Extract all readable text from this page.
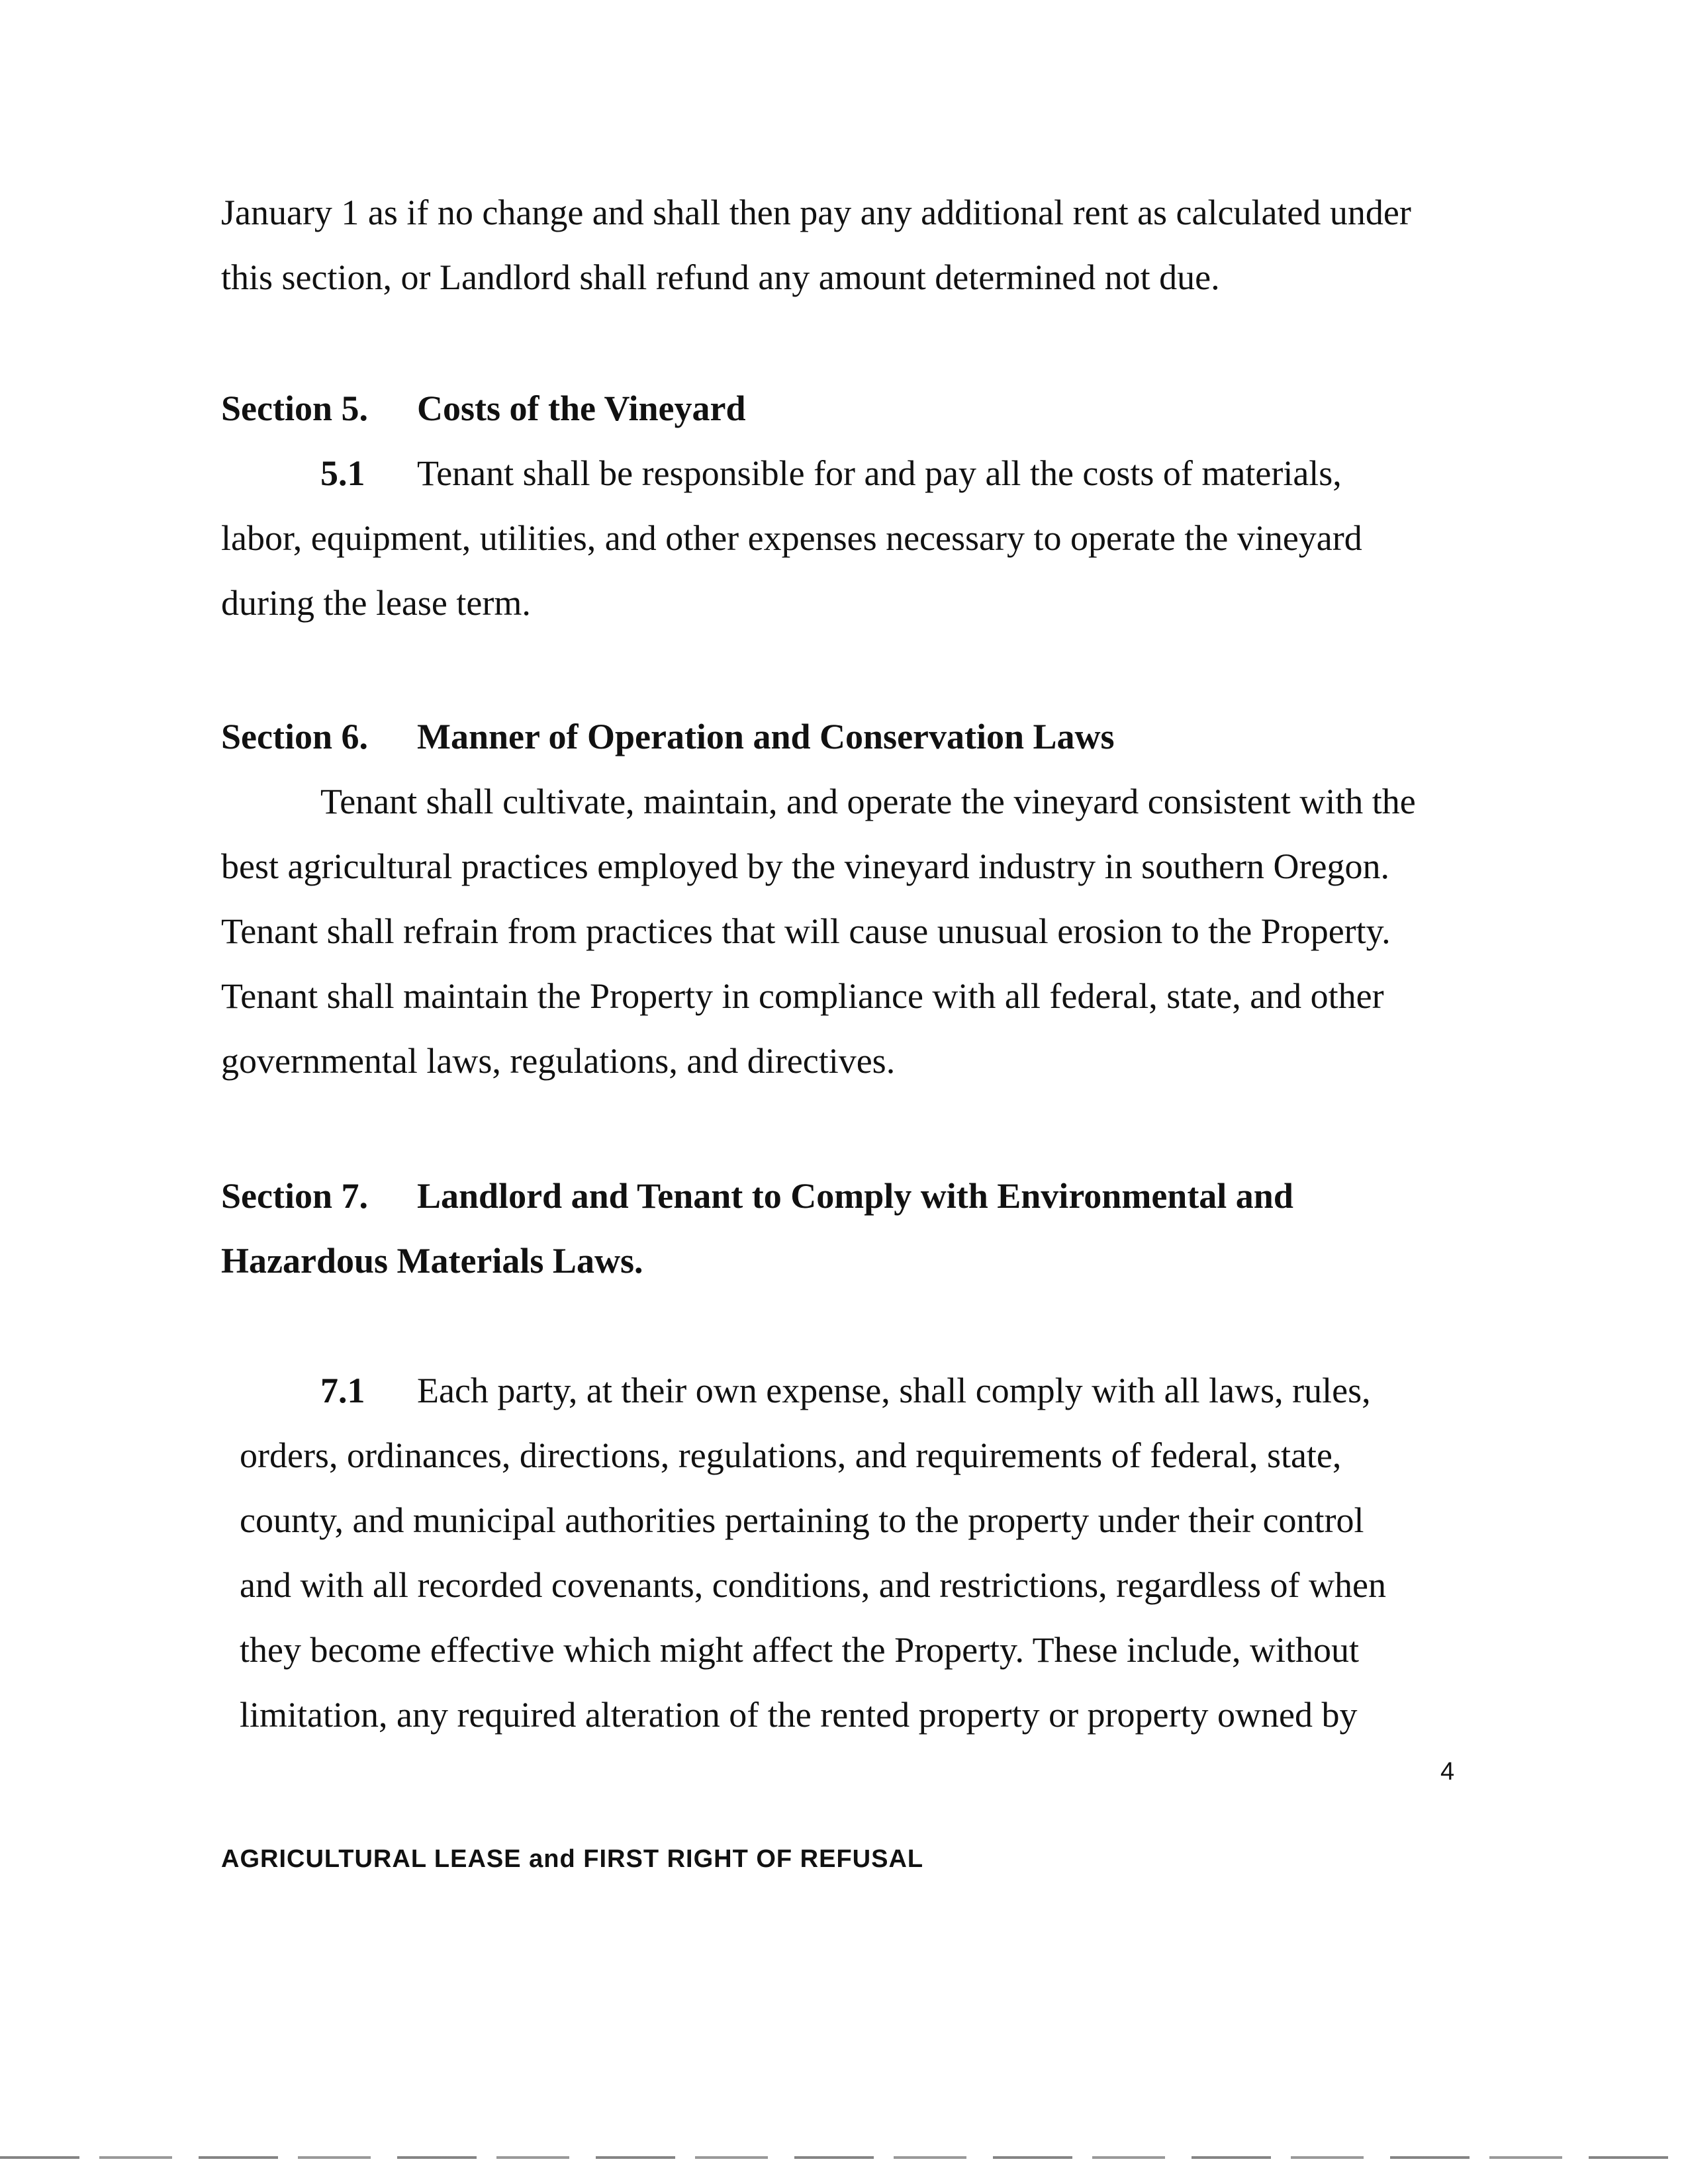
January 1 as if no change and shall then pay any additional rent as calculated under
this section, or Landlord shall refund any amount determined not due.
Section 5. Costs of the Vineyard
5.1 Tenant shall be responsible for and pay all the costs of materials,
labor, equipment, utilities, and other expenses necessary to operate the vineyard
during the lease term.
Section 6. Manner of Operation and Conservation Laws
Tenant shall cultivate, maintain, and operate the vineyard consistent with the
best agricultural practices employed by the vineyard industry in southern Oregon.
Tenant shall refrain from practices that will cause unusual erosion to the Property.
Tenant shall maintain the Property in compliance with all federal, state, and other
governmental laws, regulations, and directives.
Section 7. Landlord and Tenant to Comply with Environmental and
Hazardous Materials Laws.
7.1 Each party, at their own expense, shall comply with all laws, rules,
orders, ordinances, directions, regulations, and requirements of federal, state,
county, and municipal authorities pertaining to the property under their control
and with all recorded covenants, conditions, and restrictions, regardless of when
they become effective which might affect the Property. These include, without
limitation, any required alteration of the rented property or property owned by
4
AGRICULTURAL LEASE and FIRST RIGHT OF REFUSAL
